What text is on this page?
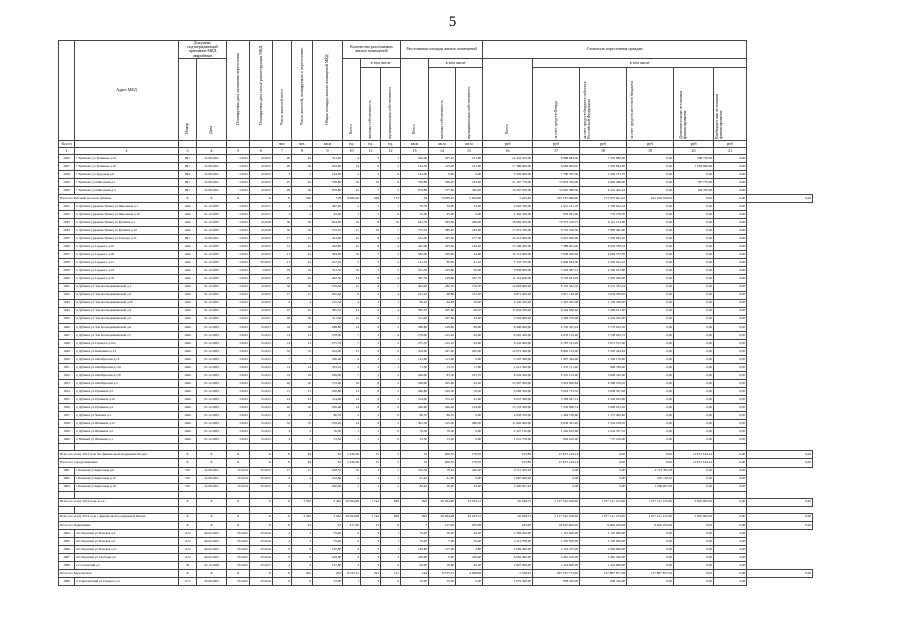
5
	Адрес МКД	Документ, подтверждающий признание МКД аварийным		Планируемая дата окончания переселения	Планируемая дата сноса/ реконструкции МКД	Число жителей всего	Число жителей, планируемых к переселению	Общая площадь жилых помещений МКД	Количество расселяемых жилых помещений			Расселяемая площадь жилых помещений			Стоимость переселения граждан						

		Номер	Дата						Всего	в том числе		Всего	в том числе		Всего	в том числе					

										частная собственность	муниципальная собственность		частная собственность	муниципальная собственность		за счет средств Фонда	за счет средств бюджета субъекта Российской Федерации	за счет средств местного бюджета	Дополнительные источники финансирования	Внебюджетные источники финансирования	

№ п/п						чел.	чел.	кв.м	ед.	ед.	ед.	кв.м	кв.м	кв.м	руб	руб	руб	руб	руб	руб	
1	2	3	4	5	6	7	8	9	10	11	12	13	14	15	16	17	18	19	20	21	
1926	г Тулиново ул Тупикова д.5а	891	14.09.2001	I.2015	II.2015	26	23	331,40	4	3	1	206,90	205,10	101,80	14 432 323,00	6 889 684,50	7 332 889,66	0,00	208 750,00	0,00	
1927	г Тулиново ул Тупикова д.5б	891	14.09.2001	I.2015	II.2015	28	28	293,60	14	6	3	194,50	103,90	101,00	17 380 900,00	6 684 903,92	7 292 894,86	0,00	1 063 696,00	0,00	
1928	г Тулиново ул Трудовая д.8	894	14.09.2001	I.2015	II.2015	3	3	164,00	2	2	0	164,00	0,00	0,00	3 329 900,00	1 780 395,30	1 439 181,70	0,00	0,00	0,00	
1929	г Тулиново ул Школьная д.1	891	14.09.2001	I.2015	II.2015	25	25	799,80	16	10	6	799,80	566,20	233,60	31 107 776,00	13 819 520,00	9 495 486,00	0,00	187 770,00	0,00	
1930	г Тулиново ул Школьная д.3	891	14.09.2001	I.2015	II.2015	29	29	679,80	12	7	5	679,80	377,60	302,20	16 307 950,00	10 081 386,56	6 341 402,44	0,00	164 700,00	0,00	
Итого по Рабочий поселок Дубенка		X	X	X	X	X	526	518	9 080,20	209	153	56	9 080,20	5 654,60	3 425,60	335 235 990,00	173 079 941,92	162 440 330,02	0,00	0,00	0,00
1931	п Дубенка (деревня Тупик) ул Школьная д.1	1042	01.12.2003	I.2015	II.2017	4	4	487,40	2	1	1	76,70	52,90	23,90	2 993 330,00	1 651 101,18	1 330 022,54	0,00	0,00	0,00	
1932	п Дубенка (деревня Тупик) ул Школьная д.19	1042	01.12.2003	I.2015	II.2017	2	2	45,00	1	1	0	45,00	45,00	0,00	1 392 500,00	693 991,60	735 278,30	0,00	0,00	0,00	
1933	п Дубенка (деревня Тупик) ул Бутинна д.1	1042	01.12.2003	I.2015	II.2018	36	36	824,90	19	9	10	612,70	363,50	269,00	18 682 050,00	10 372 218,72	9 112 153,66	0,00	0,00	0,00	
1934	п Дубенка (деревня Тупик) ул Бутинна д.16	1042	01.12.2003	I.2015	II.2018	32	32	572,10	17	10	7	572,10	389,20	182,90	17 451 250,00	9 732 196,50	7 809 495,60	0,00	0,00	0,00	
1935	п Дубенка (деревня Тупик) ул Гончара д.3а	891	14.09.2001	I.2015	II.2015	17	17	523,00	12	8	4	523,00	345,50	177,50	16 215 000,00	9 025 000,00	7 250 991,20	0,00	0,00	0,00	
1936	п Дубенка ул Горького д.10	1042	01.12.2003	I.2015	II.2015	12	12	442,90	12	8	4	442,90	293,50	149,40	13 508 450,00	7 489 901,46	6 018 538,54	0,00	0,00	0,00	
1937	п Дубенка ул Горького д.20	1042	01.12.2003	I.2015	II.2015	21	21	384,00	10	7	3	384,00	320,00	64,00	11 712 000,00	7 648 626,64	4 063 373,36	0,00	0,00	0,00	
1938	п Дубенка ул Горького д.21	1042	01.12.2003	I.2015	IV.2015	21	21	457,10	5	3	2	141,10	80,00	61,10	5 133 550,00	2 849 624,58	2 283 925,42	0,00	0,00	0,00	
1939	п Дубенка ул Горького д.23	1042	01.12.2003	I.2015	I.2015	19	19	331,50	10	5	5	331,50	235,60	95,90	9 838 000,00	5 243 987,12	4 592 012,88	0,00	0,00	0,00	
1940	п Дубенка ул Горького д.70	1042	01.12.2003	I.2015	II.2015	25	25	402,30	13	9	4	397,30	149,60	247,70	12 119 650,00	6 726 623,93	5 393 026,08	0,00	0,00	0,00	
1941	п Дубенка ул Зои Космодемьянской д.1	1042	01.12.2003	I.2015	II.2015	36	36	576,30	15	8	7	463,00	286,70	176,30	14 683 860,00	8 132 324,76	6 551 535,24	0,00	0,00	0,00	
1942	п Дубенка ул Зои Космодемьянской д.2	1042	01.12.2003	I.2015	II.2015	17	17	265,40	6	2	4	221,20	68,80	152,40	6 871 600,00	3 817 140,00	3 054 309,92	0,00	0,00	0,00	
1943	п Дубенка ул Зои Космодемьянской д.3б	1042	01.12.2003	I.2015	II.2015	4	4	105,30	4	3	1	80,20	64,20	16,00	2 536 250,00	1 397 022,00	1 139 228,00	0,00	0,00	0,00	
1944	п Дубенка ул Зои Космодемьянской д.4	1042	01.12.2003	I.2015	II.2015	25	25	385,70	13	9	4	385,70	295,60	90,10	11 834 250,00	6 544 638,40	5 289 611,60	0,00	0,00	0,00	
1945	п Дубенка ул Зои Космодемьянской д.5	1042	01.12.2003	I.2015	II.2017	28	28	311,00	12	9	3	311,00	267,60	43,40	9 564 000,00	5 309 279,00	4 254 422,00	0,00	0,00	0,00	
1946	п Дубенка ул Зои Космодемьянской д.6	1042	01.12.2003	I.2015	II.2017	18	18	288,80	14	9	5	288,80	199,80	89,00	8 496 000,00	4 720 367,44	3 776 632,56	0,00	0,00	0,00	
1947	п Дубенка ул Зои Космодемьянской д.7	1042	01.12.2003	I.2015	II.2015	13	13	278,00	7	3	4	278,00	215,40	62,60	8 281 400,00	4 633 135,28	3 728 045,72	0,00	0,00	0,00	
1948	п Дубенка ул Горького д.10а	1042	01.12.2003	I.2015	II.2015	13	13	275,70	7	5	2	275,70	212,10	63,60	8 242 000,00	4 787 513,29	3 671 572,30	0,00	0,00	0,00	
1949	п Дубенка ул Кеньшина д.13	1042	01.12.2003	I.2015	II.2015	32	32	452,00	15	9	6	452,00	247,00	205,00	12 072 300,00	6 802 133,00	5 220 444,84	0,00	0,00	0,00	
1950	п Дубенка ул Октябрьская д.13	1042	01.12.2003	I.2015	II.2015	7	7	300,40	4	3	1	113,60	113,60	0,00	3 597 300,00	1 997 364,06	1 599 176,00	0,00	0,00	0,00	
1951	п Дубенка ул Октябрьская д.15а	1042	01.12.2003	I.2015	II.2015	14	14	353,10	3	2	1	71,50	53,70	17,80	2 212 500,00	1 235 711,40	996 788,60	0,00	0,00	0,00	
1952	п Дубенка ул Октябрьская д.15б	1042	01.12.2003	I.2015	II.2015	19	19	269,00	7	5	2	269,00	87,30	181,70	8 204 500,00	4 555 155,00	3 649 345,00	0,00	0,00	0,00	
1953	п Дубенка ул Октябрьская д.2	1042	01.12.2003	I.2015	II.2015	20	20	372,90	10	8	2	338,90	295,60	43,30	10 397 000,00	5 819 696,84	4 580 276,10	0,00	0,00	0,00	
1954	п Дубенка ул Пушкина д.5	1042	01.12.2003	I.2015	II.2015	15	15	296,80	13	8	5	296,80	220,30	76,50	9 008 350,00	5 016 753,52	3 938 507,48	0,00	0,00	0,00	
1955	п Дубенка ул Пушкина д.10	1042	01.12.2003	I.2015	II.2015	23	23	314,00	14	9	5	314,00	272,10	41,90	9 637 300,00	5 308 647,14	4 328 652,86	0,00	0,00	0,00	
1956	п Дубенка ул Пушкина д.2	1042	01.12.2003	I.2015	II.2015	20	20	430,40	14	8	6	430,40	306,40	124,00	13 153 300,00	7 256 968,74	5 896 931,26	0,00	0,00	0,00	
1957	п Дубенка ул Чапаева д.1	1042	01.12.2003	I.2015	II.2015	2	2	86,70	2	2	0	86,70	86,70	0,00	2 658 250,00	1 484 736,60	1 173 493,40	0,00	0,00	0,00	
1958	п Дубенка ул Шапкина д.12	1042	01.12.2003	I.2015	II.2015	35	35	558,20	14	9	5	391,30	105,00	286,30	11 992 000,00	6 658 391,95	5 334 108,05	0,00	0,00	0,00	
1959	п Дубенка ул Шапкина д.5	1042	01.12.2003	I.2015	II.2015	3	3	76,30	1	1	0	76,30	76,30	0,00	2 327 150,00	1 292 812,68	1 034 337,32	0,00	0,00	0,00	
1960	п Южный ул Шапкина д.1	1042	01.12.2003	I.2015	II.2015	3	3	53,50	1	1	0	53,50	53,50	0,00	1 631 750,00	894 610,00	737 216,00	0,00	0,00	0,00	

Всего по этапу 2013 года без финансовой поддержки Фонда:		X	X	X	X	X	24	24	1 236,30	15	5	10	460,30	176,50	273,80	13 673 149,24	0,00	0,00	13 673 149,24	0,00	0,00
Итого по городу Кемлячи:		X	X	X	X	X	24	24	1 236,30	15	5	10	460,30	176,50	273,80	13 673 149,24	0,00	0,00	13 673 149,24	0,00	0,00
1961	г Кемлячи ул Береговая д.8	720	14.09.2001	IV.2014	IV.2015	17	17	428,70	10	3	7	316,50	76,10	240,40	9 715 302,28	0,00	0,00	9 715 302,28	0,00	0,00	
1962	г Кемлячи ул Береговая д.10	720	14.09.2001	IV.2014	IV.2015	4	4	522,80	2	1	1	61,40	61,40	0,00	1 897 600,00	0,00	0,00	697 118,52	0,00	0,00	
1963	г Кемлячи ул Береговая д.18	720	14.09.2001	IV.2014	IV.2015	3	3	460,00	3	1	2	82,40	39,00	43,40	2 260 697,93	0,00	0,00	2 260 697,93	0,00	0,00	

Всего по этапу 2014 года, в т.ч.:		X	X	X	X	X	3 362	3 362	56 264,98	1 744	849	895	56 264,98	34 183,12	26 248,75	2 137 342 430,00	1 077 121 215,00	1 077 121 215,00	3 500 000,00	0,00	0,00

Всего по этапу 2014 года с финансовой поддержкой Фонда:		X	X	X	X	X	3 362	3 362	56 264,98	1 744	849	895	56 264,98	34 183,12	26 248,75	2 137 342 430,00	1 077 121 215,00	1 077 121 215,00	3 500 000,00	0,00	0,00
Итого по Ковылкино:		X	X	X	X	X	23	23	417,00	13	6	7	417,00	185,00	232,00	18 810 900,00	9 609 250,00	9 409 250,00	0,00	0,00	0,00
1964	пгт Красный ул Полевая д.3	1132	04.02.2002	IV.2015	IV.2016	3	3	79,40	2	1	1	79,40	50,20	29,20	2 383 200,00	1 191 900,00	1 191 900,00	0,00	0,00	0,00	
1965	пгт Красный ул Полевая д.5	1132	04.02.2002	IV.2015	IV.2016	3	3	79,40	2	1	1	79,40	7,00	79,40	2 411 700,00	1 205 850,00	1 205 850,00	0,00	0,00	0,00	
1966	пгт Красный ул Полевая д.11	1132	04.02.2002	IV.2015	IV.2016	9	9	120,80	4	3	1	120,80	117,00	3,80	4 069 390,00	2 163 475,00	2 069 890,00	0,00	0,00	0,00	
1967	пгт Красный ул Свободы д.2	1132	04.02.2002	IV.2015	IV.2016	9	9	228,60	4	1	3	228,60	0,00	228,60	6 962 400,00	3 481 100,00	3 481 300,00	0,00	0,00	0,00	
1968	с Сосновский д.7	50	22.12.2008	IV.2015	IV.2017	4	4	137,80	3	1	2	92,00	16,60	45,20	2 847 600,00	1 423 800,00	1 423 800,00	0,00	0,00	0,00	
Итого по Березовское:		X	X	X	X	X	202	202	8 535,31	291	127	164	8 535,31	4 998,00	3 538,61	263 725 774,00	137 807 877,50	137 807 877,50	0,00	0,00	0,00
1969	п Гавриловский ул Горького д.1	1171	30.09.2002	IV.2015	IV.2016	6	6	55,00	1	1	0	55,00	55,00	0,00	1 676 500,00	838 250,00	838 250,00	0,00	0,00	0,00	
